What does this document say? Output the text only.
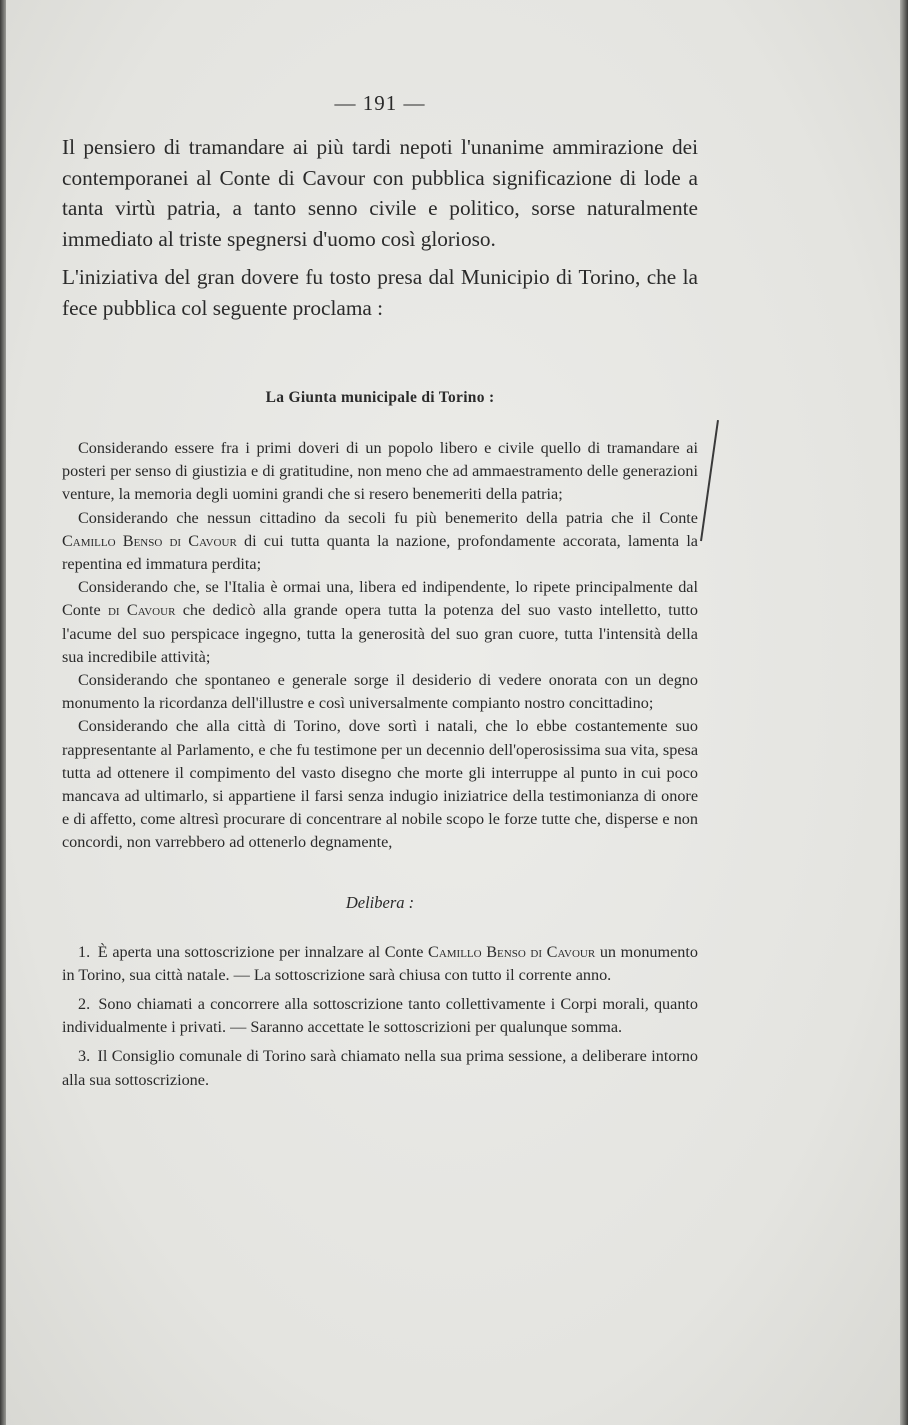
— 191 —

Il pensiero di tramandare ai più tardi nepoti l'unanime ammirazione dei contemporanei al Conte di Cavour con pubblica significazione di lode a tanta virtù patria, a tanto senno civile e politico, sorse naturalmente immediato al triste spegnersi d'uomo così glorioso.

L'iniziativa del gran dovere fu tosto presa dal Municipio di Torino, che la fece pubblica col seguente proclama :

La Giunta municipale di Torino :

Considerando essere fra i primi doveri di un popolo libero e civile quello di tramandare ai posteri per senso di giustizia e di gratitudine, non meno che ad ammaestramento delle generazioni venture, la memoria degli uomini grandi che si resero benemeriti della patria;

Considerando che nessun cittadino da secoli fu più benemerito della patria che il Conte Camillo Benso di Cavour di cui tutta quanta la nazione, profondamente accorata, lamenta la repentina ed immatura perdita;

Considerando che, se l'Italia è ormai una, libera ed indipendente, lo ripete principalmente dal Conte di Cavour che dedicò alla grande opera tutta la potenza del suo vasto intelletto, tutto l'acume del suo perspicace ingegno, tutta la generosità del suo gran cuore, tutta l'intensità della sua incredibile attività;

Considerando che spontaneo e generale sorge il desiderio di vedere onorata con un degno monumento la ricordanza dell'illustre e così universalmente compianto nostro concittadino;

Considerando che alla città di Torino, dove sortì i natali, che lo ebbe costantemente suo rappresentante al Parlamento, e che fu testimone per un decennio dell'operosissima sua vita, spesa tutta ad ottenere il compimento del vasto disegno che morte gli interruppe al punto in cui poco mancava ad ultimarlo, si appartiene il farsi senza indugio iniziatrice della testimonianza di onore e di affetto, come altresì procurare di concentrare al nobile scopo le forze tutte che, disperse e non concordi, non varrebbero ad ottenerlo degnamente,

Delibera :

1. È aperta una sottoscrizione per innalzare al Conte Camillo Benso di Cavour un monumento in Torino, sua città natale. — La sottoscrizione sarà chiusa con tutto il corrente anno.

2. Sono chiamati a concorrere alla sottoscrizione tanto collettivamente i Corpi morali, quanto individualmente i privati. — Saranno accettate le sottoscrizioni per qualunque somma.

3. Il Consiglio comunale di Torino sarà chiamato nella sua prima sessione, a deliberare intorno alla sua sottoscrizione.
